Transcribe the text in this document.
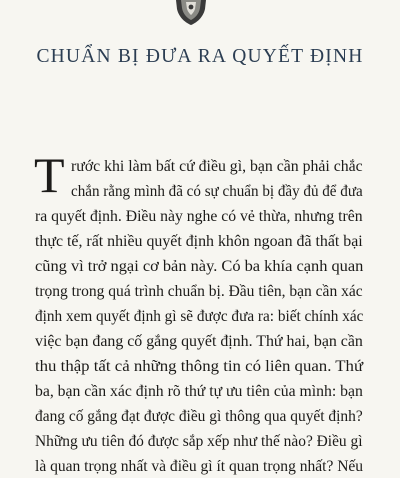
CHUẨN BỊ ĐƯA RA QUYẾT ĐỊNH
T rước khi làm bất cứ điều gì, bạn cần phải chắc
chắn rằng mình đã có sự chuẩn bị đầy đủ để đưa
ra quyết định. Điều này nghe có vẻ thừa, nhưng trên
thực tế, rất nhiều quyết định khôn ngoan đã thất bại
cũng vì trở ngại cơ bản này. Có ba khía cạnh quan
trọng trong quá trình chuẩn bị. Đầu tiên, bạn cần xác
định xem quyết định gì sẽ được đưa ra: biết chính xác
việc bạn đang cố gắng quyết định. Thứ hai, bạn cần
thu thập tất cả những thông tin có liên quan. Thứ
ba, bạn cần xác định rõ thứ tự ưu tiên của mình: bạn
đang cố gắng đạt được điều gì thông qua quyết định?
Những ưu tiên đó được sắp xếp như thế nào? Điều gì
là quan trọng nhất và điều gì ít quan trọng nhất? Nếu
